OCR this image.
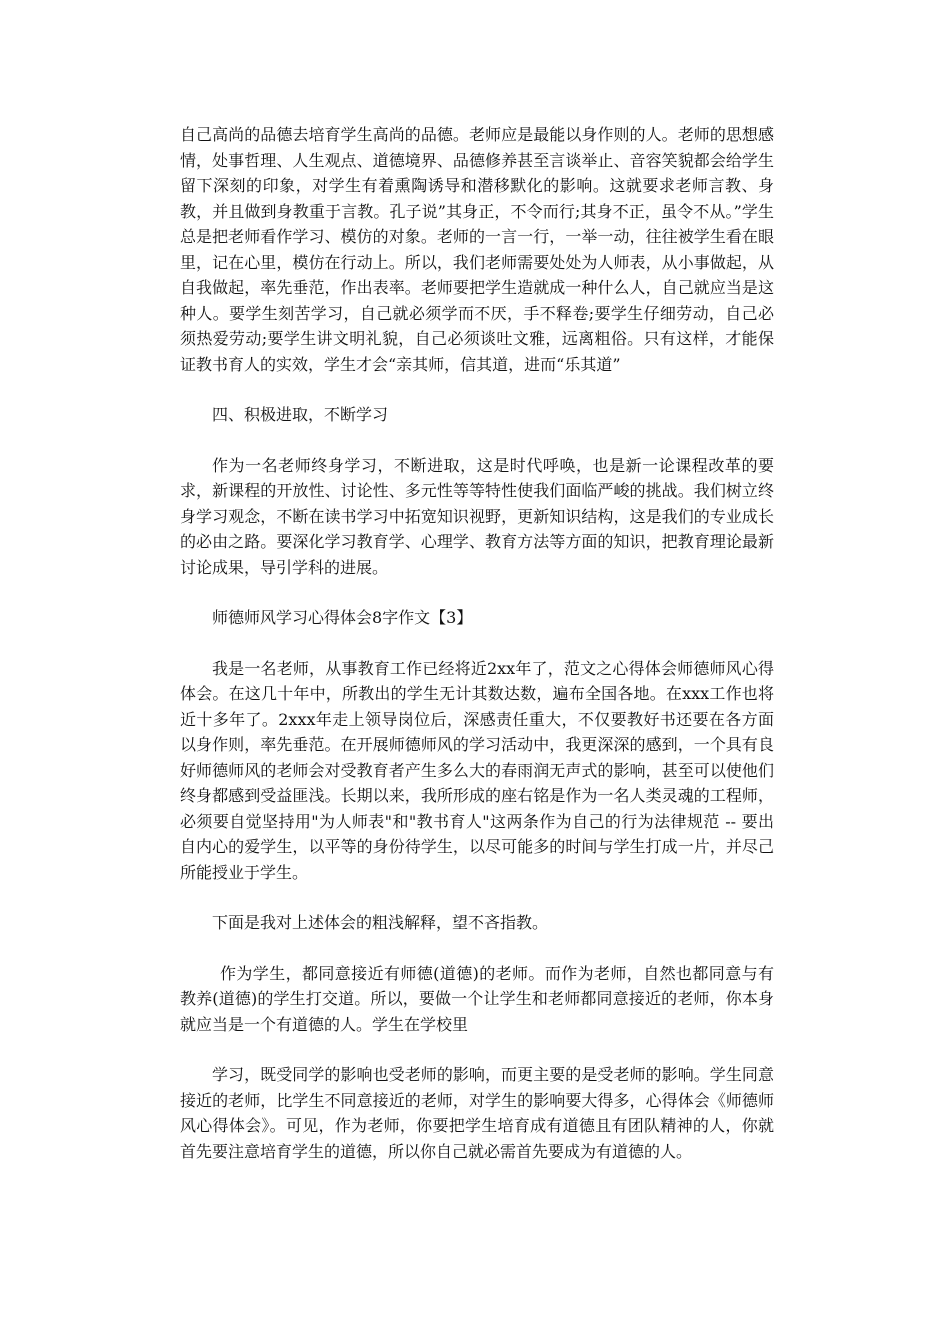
自己高尚的品德去培育学生高尚的品德。老师应是最能以身作则的人。老师的思想感情，处事哲理、人生观点、道德境界、品德修养甚至言谈举止、音容笑貌都会给学生留下深刻的印象，对学生有着熏陶诱导和潜移默化的影响。这就要求老师言教、身教，并且做到身教重于言教。孔子说”其身正，不令而行;其身不正，虽令不从。”学生总是把老师看作学习、模仿的对象。老师的一言一行，一举一动，往往被学生看在眼里，记在心里，模仿在行动上。所以，我们老师需要处处为人师表，从小事做起，从自我做起，率先垂范，作出表率。老师要把学生造就成一种什么人，自己就应当是这种人。要学生刻苦学习，自己就必须学而不厌，手不释卷;要学生仔细劳动，自己必须热爱劳动;要学生讲文明礼貌，自己必须谈吐文雅，远离粗俗。只有这样，才能保证教书育人的实效，学生才会“亲其师，信其道，进而“乐其道”

四、积极进取，不断学习

作为一名老师终身学习，不断进取，这是时代呼唤，也是新一论课程改革的要求，新课程的开放性、讨论性、多元性等等特性使我们面临严峻的挑战。我们树立终身学习观念，不断在读书学习中拓宽知识视野，更新知识结构，这是我们的专业成长的必由之路。要深化学习教育学、心理学、教育方法等方面的知识，把教育理论最新讨论成果，导引学科的进展。

师德师风学习心得体会8字作文【3】

我是一名老师，从事教育工作已经将近2xx年了，范文之心得体会师德师风心得体会。在这几十年中，所教出的学生无计其数达数，遍布全国各地。在xxx工作也将近十多年了。2xxx年走上领导岗位后，深感责任重大，不仅要教好书还要在各方面以身作则，率先垂范。在开展师德师风的学习活动中，我更深深的感到，一个具有良好师德师风的老师会对受教育者产生多么大的春雨润无声式的影响，甚至可以使他们终身都感到受益匪浅。长期以来，我所形成的座右铭是作为一名人类灵魂的工程师，必须要自觉坚持用"为人师表"和"教书育人"这两条作为自己的行为法律规范 -- 要出自内心的爱学生，以平等的身份待学生，以尽可能多的时间与学生打成一片，并尽己所能授业于学生。

下面是我对上述体会的粗浅解释，望不吝指教。

作为学生，都同意接近有师德(道德)的老师。而作为老师，自然也都同意与有教养(道德)的学生打交道。所以，要做一个让学生和老师都同意接近的老师，你本身就应当是一个有道德的人。学生在学校里

学习，既受同学的影响也受老师的影响，而更主要的是受老师的影响。学生同意接近的老师，比学生不同意接近的老师，对学生的影响要大得多，心得体会《师德师风心得体会》。可见，作为老师，你要把学生培育成有道德且有团队精神的人，你就首先要注意培育学生的道德，所以你自己就必需首先要成为有道德的人。
